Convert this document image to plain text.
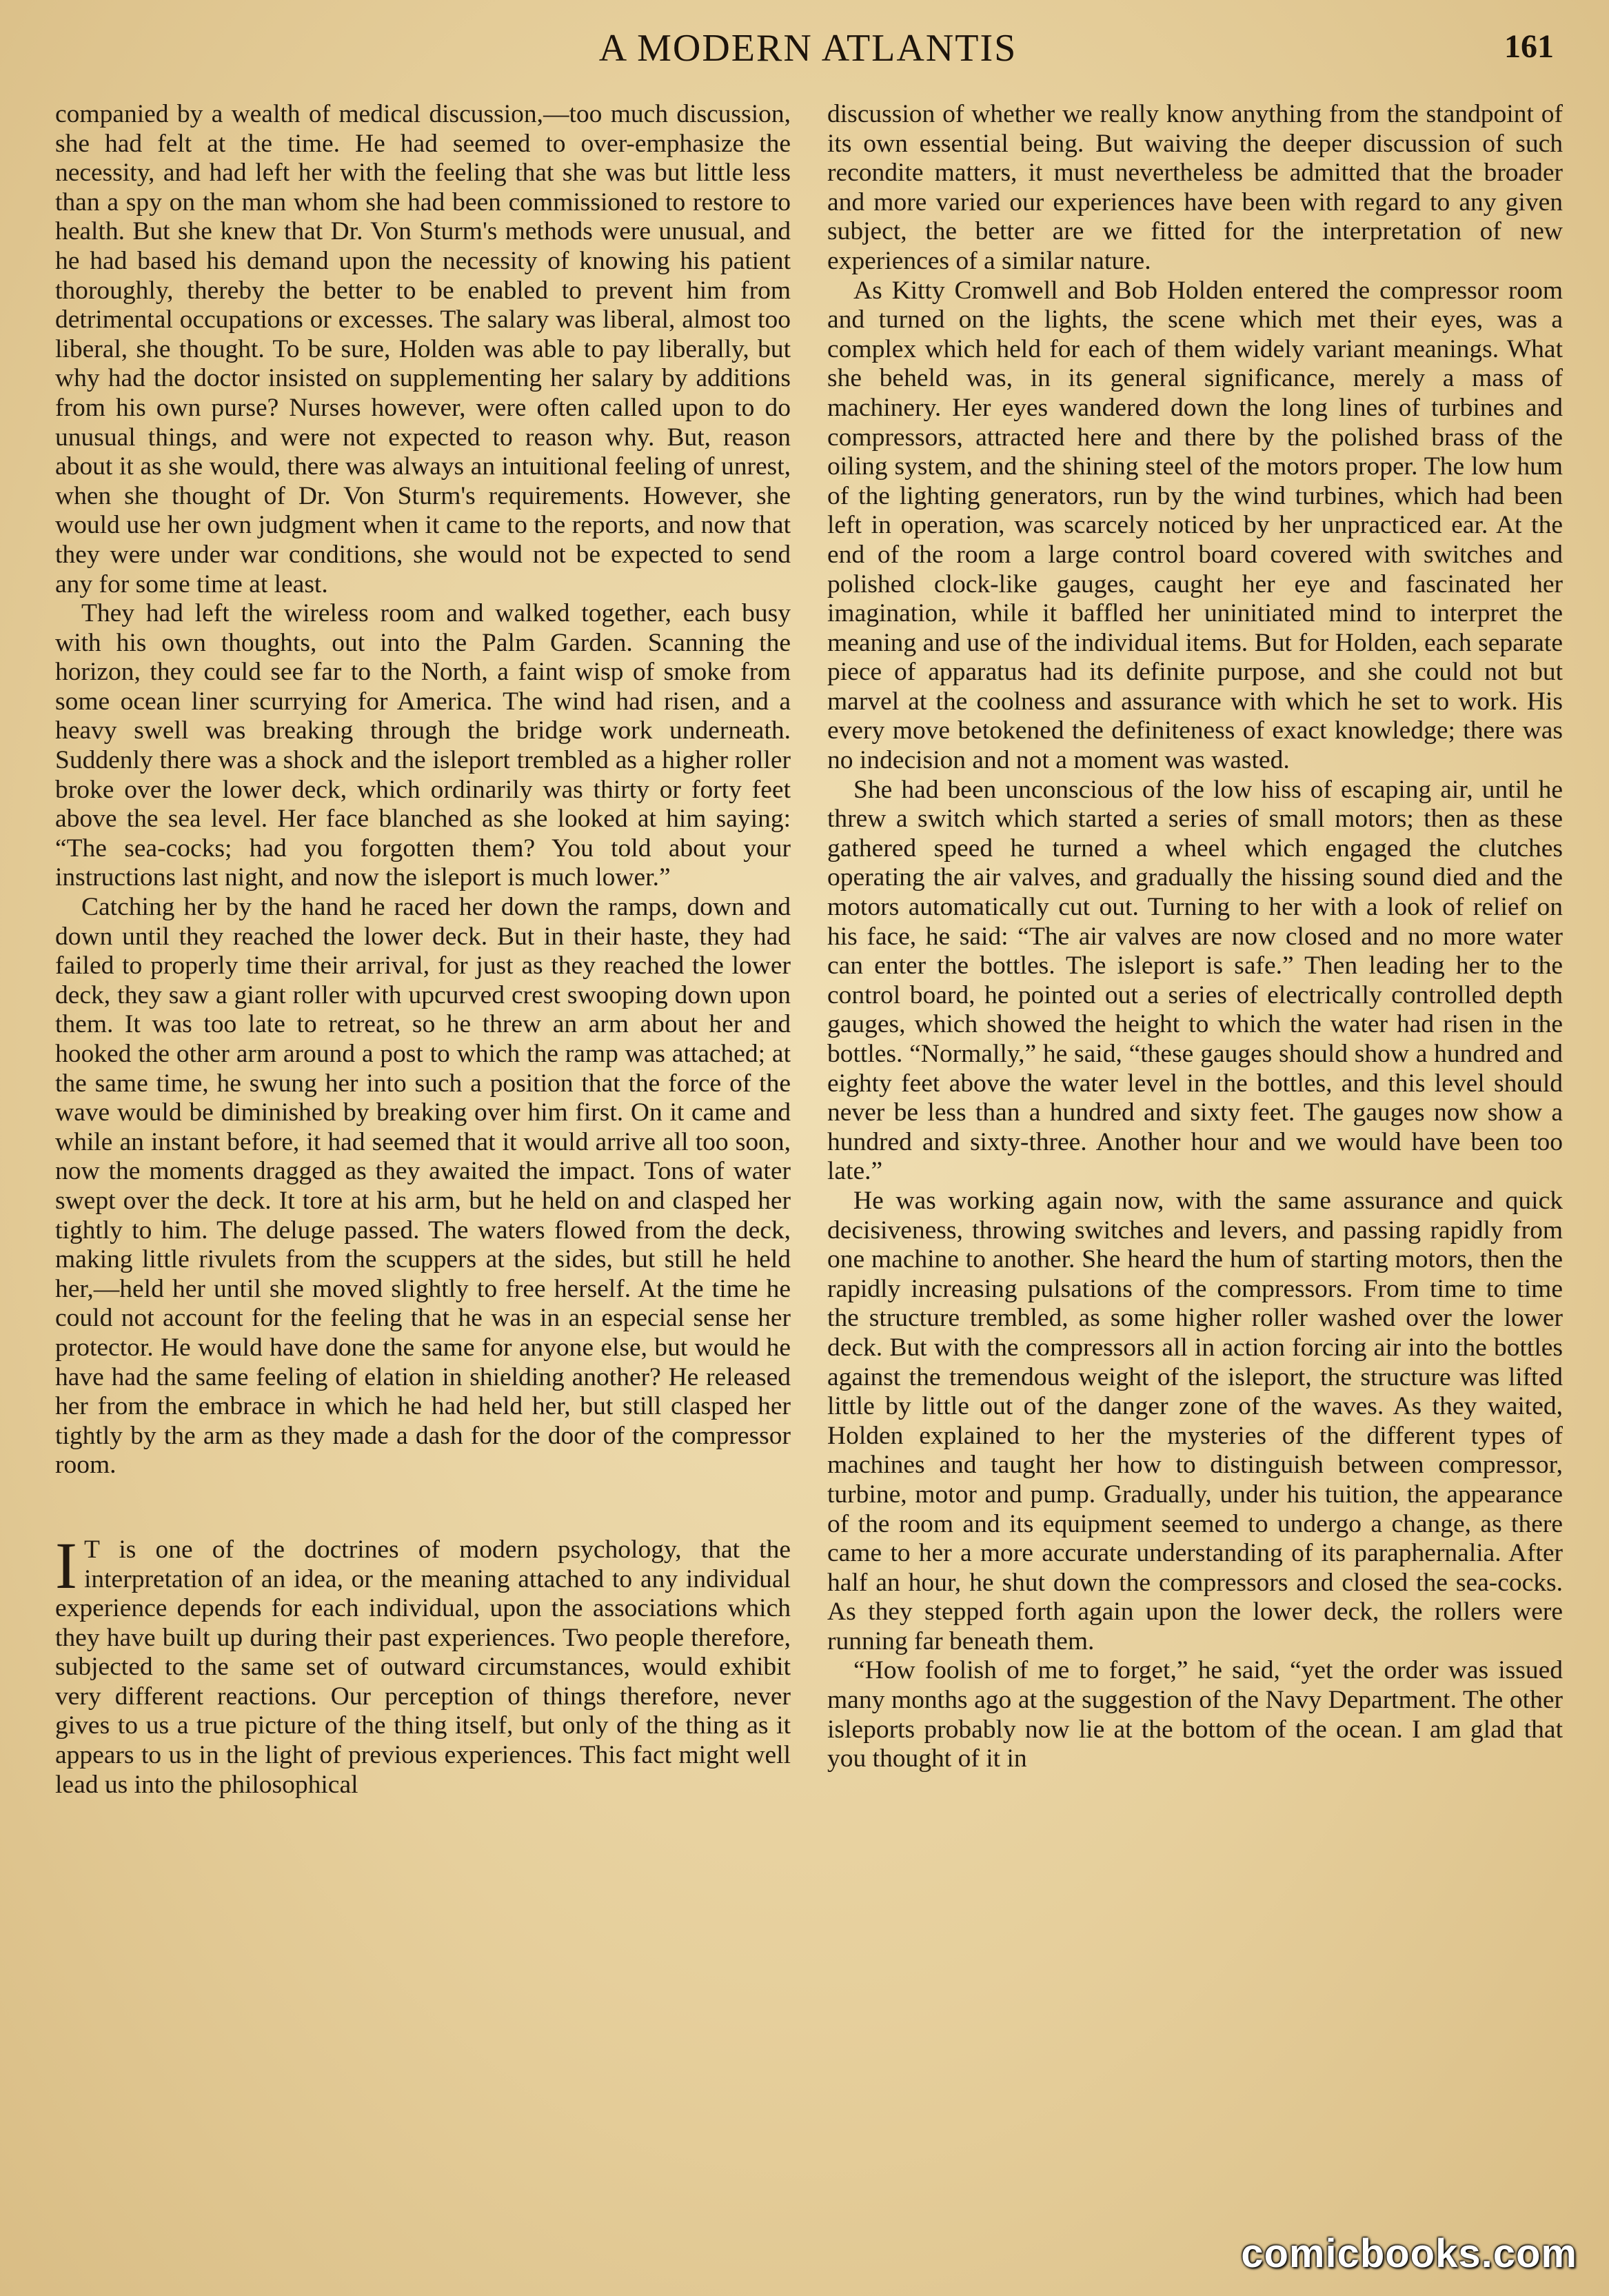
A MODERN ATLANTIS	161

companied by a wealth of medical discussion,—too much discussion, she had felt at the time. He had seemed to over-emphasize the necessity, and had left her with the feeling that she was but little less than a spy on the man whom she had been commissioned to restore to health. But she knew that Dr. Von Sturm's methods were unusual, and he had based his demand upon the necessity of knowing his patient thoroughly, thereby the better to be enabled to prevent him from detrimental occupations or excesses. The salary was liberal, almost too liberal, she thought. To be sure, Holden was able to pay liberally, but why had the doctor insisted on supplementing her salary by additions from his own purse? Nurses however, were often called upon to do unusual things, and were not expected to reason why. But, reason about it as she would, there was always an intuitional feeling of unrest, when she thought of Dr. Von Sturm's requirements. However, she would use her own judgment when it came to the reports, and now that they were under war conditions, she would not be expected to send any for some time at least.

They had left the wireless room and walked together, each busy with his own thoughts, out into the Palm Garden. Scanning the horizon, they could see far to the North, a faint wisp of smoke from some ocean liner scurrying for America. The wind had risen, and a heavy swell was breaking through the bridge work underneath. Suddenly there was a shock and the isleport trembled as a higher roller broke over the lower deck, which ordinarily was thirty or forty feet above the sea level. Her face blanched as she looked at him saying: “The sea-cocks; had you forgotten them? You told about your instructions last night, and now the isleport is much lower.”

Catching her by the hand he raced her down the ramps, down and down until they reached the lower deck. But in their haste, they had failed to properly time their arrival, for just as they reached the lower deck, they saw a giant roller with upcurved crest swooping down upon them. It was too late to retreat, so he threw an arm about her and hooked the other arm around a post to which the ramp was attached; at the same time, he swung her into such a position that the force of the wave would be diminished by breaking over him first. On it came and while an instant before, it had seemed that it would arrive all too soon, now the moments dragged as they awaited the impact. Tons of water swept over the deck. It tore at his arm, but he held on and clasped her tightly to him. The deluge passed. The waters flowed from the deck, making little rivulets from the scuppers at the sides, but still he held her,—held her until she moved slightly to free herself. At the time he could not account for the feeling that he was in an especial sense her protector. He would have done the same for anyone else, but would he have had the same feeling of elation in shielding another? He released her from the embrace in which he had held her, but still clasped her tightly by the arm as they made a dash for the door of the compressor room.

I T is one of the doctrines of modern psychology, that the interpretation of an idea, or the meaning attached to any individual experience depends for each individual, upon the associations which they have built up during their past experiences. Two people therefore, subjected to the same set of outward circumstances, would exhibit very different reactions. Our perception of things therefore, never gives to us a true picture of the thing itself, but only of the thing as it appears to us in the light of previous experiences. This fact might well lead us into the philosophical

discussion of whether we really know anything from the standpoint of its own essential being. But waiving the deeper discussion of such recondite matters, it must nevertheless be admitted that the broader and more varied our experiences have been with regard to any given subject, the better are we fitted for the interpretation of new experiences of a similar nature.

As Kitty Cromwell and Bob Holden entered the compressor room and turned on the lights, the scene which met their eyes, was a complex which held for each of them widely variant meanings. What she beheld was, in its general significance, merely a mass of machinery. Her eyes wandered down the long lines of turbines and compressors, attracted here and there by the polished brass of the oiling system, and the shining steel of the motors proper. The low hum of the lighting generators, run by the wind turbines, which had been left in operation, was scarcely noticed by her unpracticed ear. At the end of the room a large control board covered with switches and polished clock-like gauges, caught her eye and fascinated her imagination, while it baffled her uninitiated mind to interpret the meaning and use of the individual items. But for Holden, each separate piece of apparatus had its definite purpose, and she could not but marvel at the coolness and assurance with which he set to work. His every move betokened the definiteness of exact knowledge; there was no indecision and not a moment was wasted.

She had been unconscious of the low hiss of escaping air, until he threw a switch which started a series of small motors; then as these gathered speed he turned a wheel which engaged the clutches operating the air valves, and gradually the hissing sound died and the motors automatically cut out. Turning to her with a look of relief on his face, he said: “The air valves are now closed and no more water can enter the bottles. The isleport is safe.” Then leading her to the control board, he pointed out a series of electrically controlled depth gauges, which showed the height to which the water had risen in the bottles. “Normally,” he said, “these gauges should show a hundred and eighty feet above the water level in the bottles, and this level should never be less than a hundred and sixty feet. The gauges now show a hundred and sixty-three. Another hour and we would have been too late.”

He was working again now, with the same assurance and quick decisiveness, throwing switches and levers, and passing rapidly from one machine to another. She heard the hum of starting motors, then the rapidly increasing pulsations of the compressors. From time to time the structure trembled, as some higher roller washed over the lower deck. But with the compressors all in action forcing air into the bottles against the tremendous weight of the isleport, the structure was lifted little by little out of the danger zone of the waves. As they waited, Holden explained to her the mysteries of the different types of machines and taught her how to distinguish between compressor, turbine, motor and pump. Gradually, under his tuition, the appearance of the room and its equipment seemed to undergo a change, as there came to her a more accurate understanding of its paraphernalia. After half an hour, he shut down the compressors and closed the sea-cocks. As they stepped forth again upon the lower deck, the rollers were running far beneath them.

“How foolish of me to forget,” he said, “yet the order was issued many months ago at the suggestion of the Navy Department. The other isleports probably now lie at the bottom of the ocean. I am glad that you thought of it in

comicbooks.com
